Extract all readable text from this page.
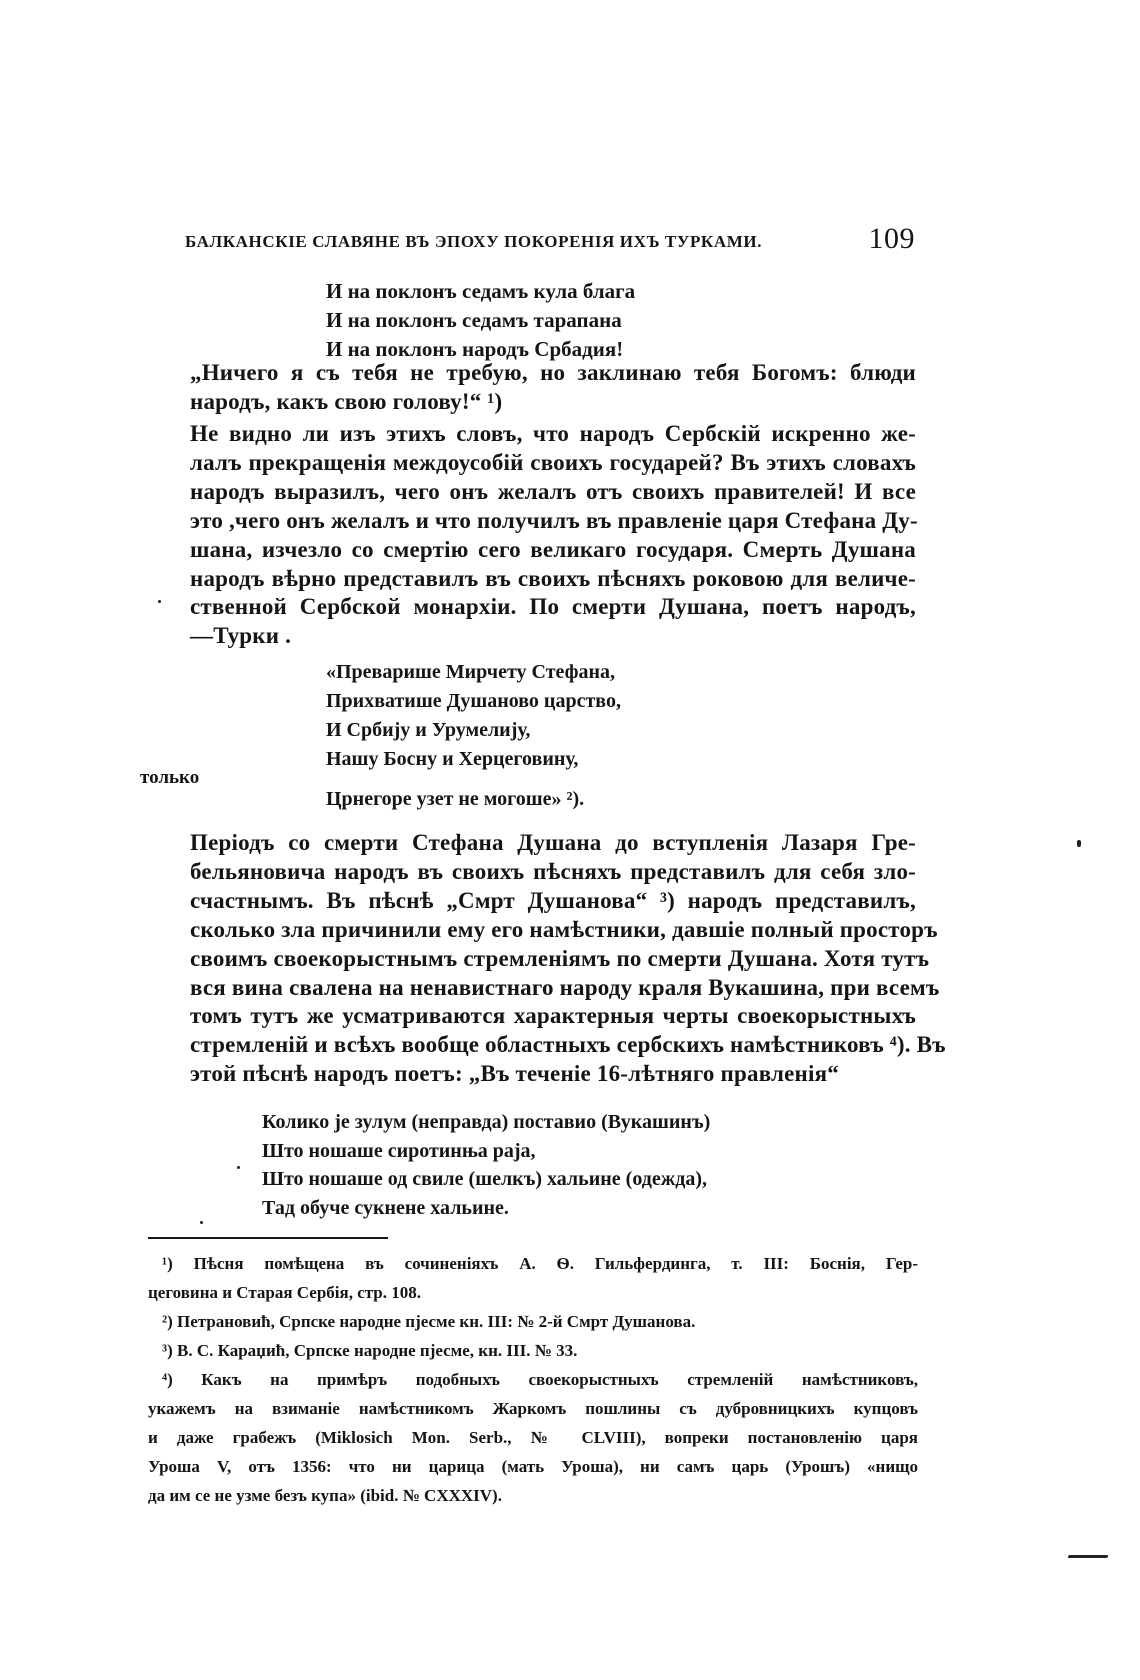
БАЛКАНСКІЕ СЛАВЯНЕ ВЪ ЭПОХУ ПОКОРЕНІЯ ИХЪ ТУРКАМИ.	109
И на поклонъ седамъ кула блага
И на поклонъ седамъ тарапана
И на поклонъ народъ Србадия!
„Ничего я съ тебя не требую, но заклинаю тебя Богомъ: блюди
народъ, какъ свою голову!“ ¹)
Не видно ли изъ этихъ словъ, что народъ Сербскій искренно же-
лалъ прекращенія междоусобій своихъ государей? Въ этихъ словахъ
народъ выразилъ, чего онъ желалъ отъ своихъ правителей! И все
это ,чего онъ желалъ и что получилъ въ правленіе царя Стефана Ду-
шана, изчезло со смертію сего великаго государя. Смерть Душана
народъ вѣрно представилъ въ своихъ пѣсняхъ роковою для величе-
ственной Сербской монархіи. По смерти Душана, поетъ народъ,
—Турки .
«Преварише Мирчету Стефана,
Прихватише Душаново царство,
И Србију и Урумелију,
Нашу Босну и Херцеговину,
только
Црнегоре узет не могоше» ²).
Періодъ со смерти Стефана Душана до вступленія Лазаря Гре-
бельяновича народъ въ своихъ пѣсняхъ представилъ для себя зло-
счастнымъ. Въ пѣснѣ „Смрт Душанова“ ³) народъ представилъ,
сколько зла причинили ему его намѣстники, давшіе полный просторъ
своимъ своекорыстнымъ стремленіямъ по смерти Душана. Хотя тутъ
вся вина свалена на ненавистнаго народу краля Вукашина, при всемъ
томъ тутъ же усматриваются характерныя черты своекорыстныхъ
стремленій и всѣхъ вообще областныхъ сербскихъ намѣстниковъ ⁴). Въ
этой пѣснѣ народъ поетъ: „Въ теченіе 16-лѣтняго правленія“
Колико је зулум (неправда) поставио (Вукашинъ)
Што ношаше сиротинња раја,
Што ношаше од свиле (шелкъ) хальине (одежда),
Тад обуче сукнене хальине.
¹) Пѣсня помѣщена въ сочиненіяхъ А. Ѳ. Гильфердинга, т. III: Боснія, Гер-
цеговина и Старая Сербія, стр. 108.
²) Петрановић, Српске народне пјесме кн. III: № 2-й Смрт Душанова.
³) В. С. Караџић, Српске народне пјесме, кн. III. № 33.
⁴) Какъ на примѣръ подобныхъ своекорыстныхъ стремленій намѣстниковъ,
укажемъ на взиманіе намѣстникомъ Жаркомъ пошлины съ дубровницкихъ купцовъ
и даже грабежъ (Miklosich Mon. Serb., № CLVIII), вопреки постановленію царя
Уроша V, отъ 1356: что ни царица (мать Уроша), ни самъ царь (Урошъ) «нищо
да им се не узме безъ купа» (ibid. № CXXXIV).
